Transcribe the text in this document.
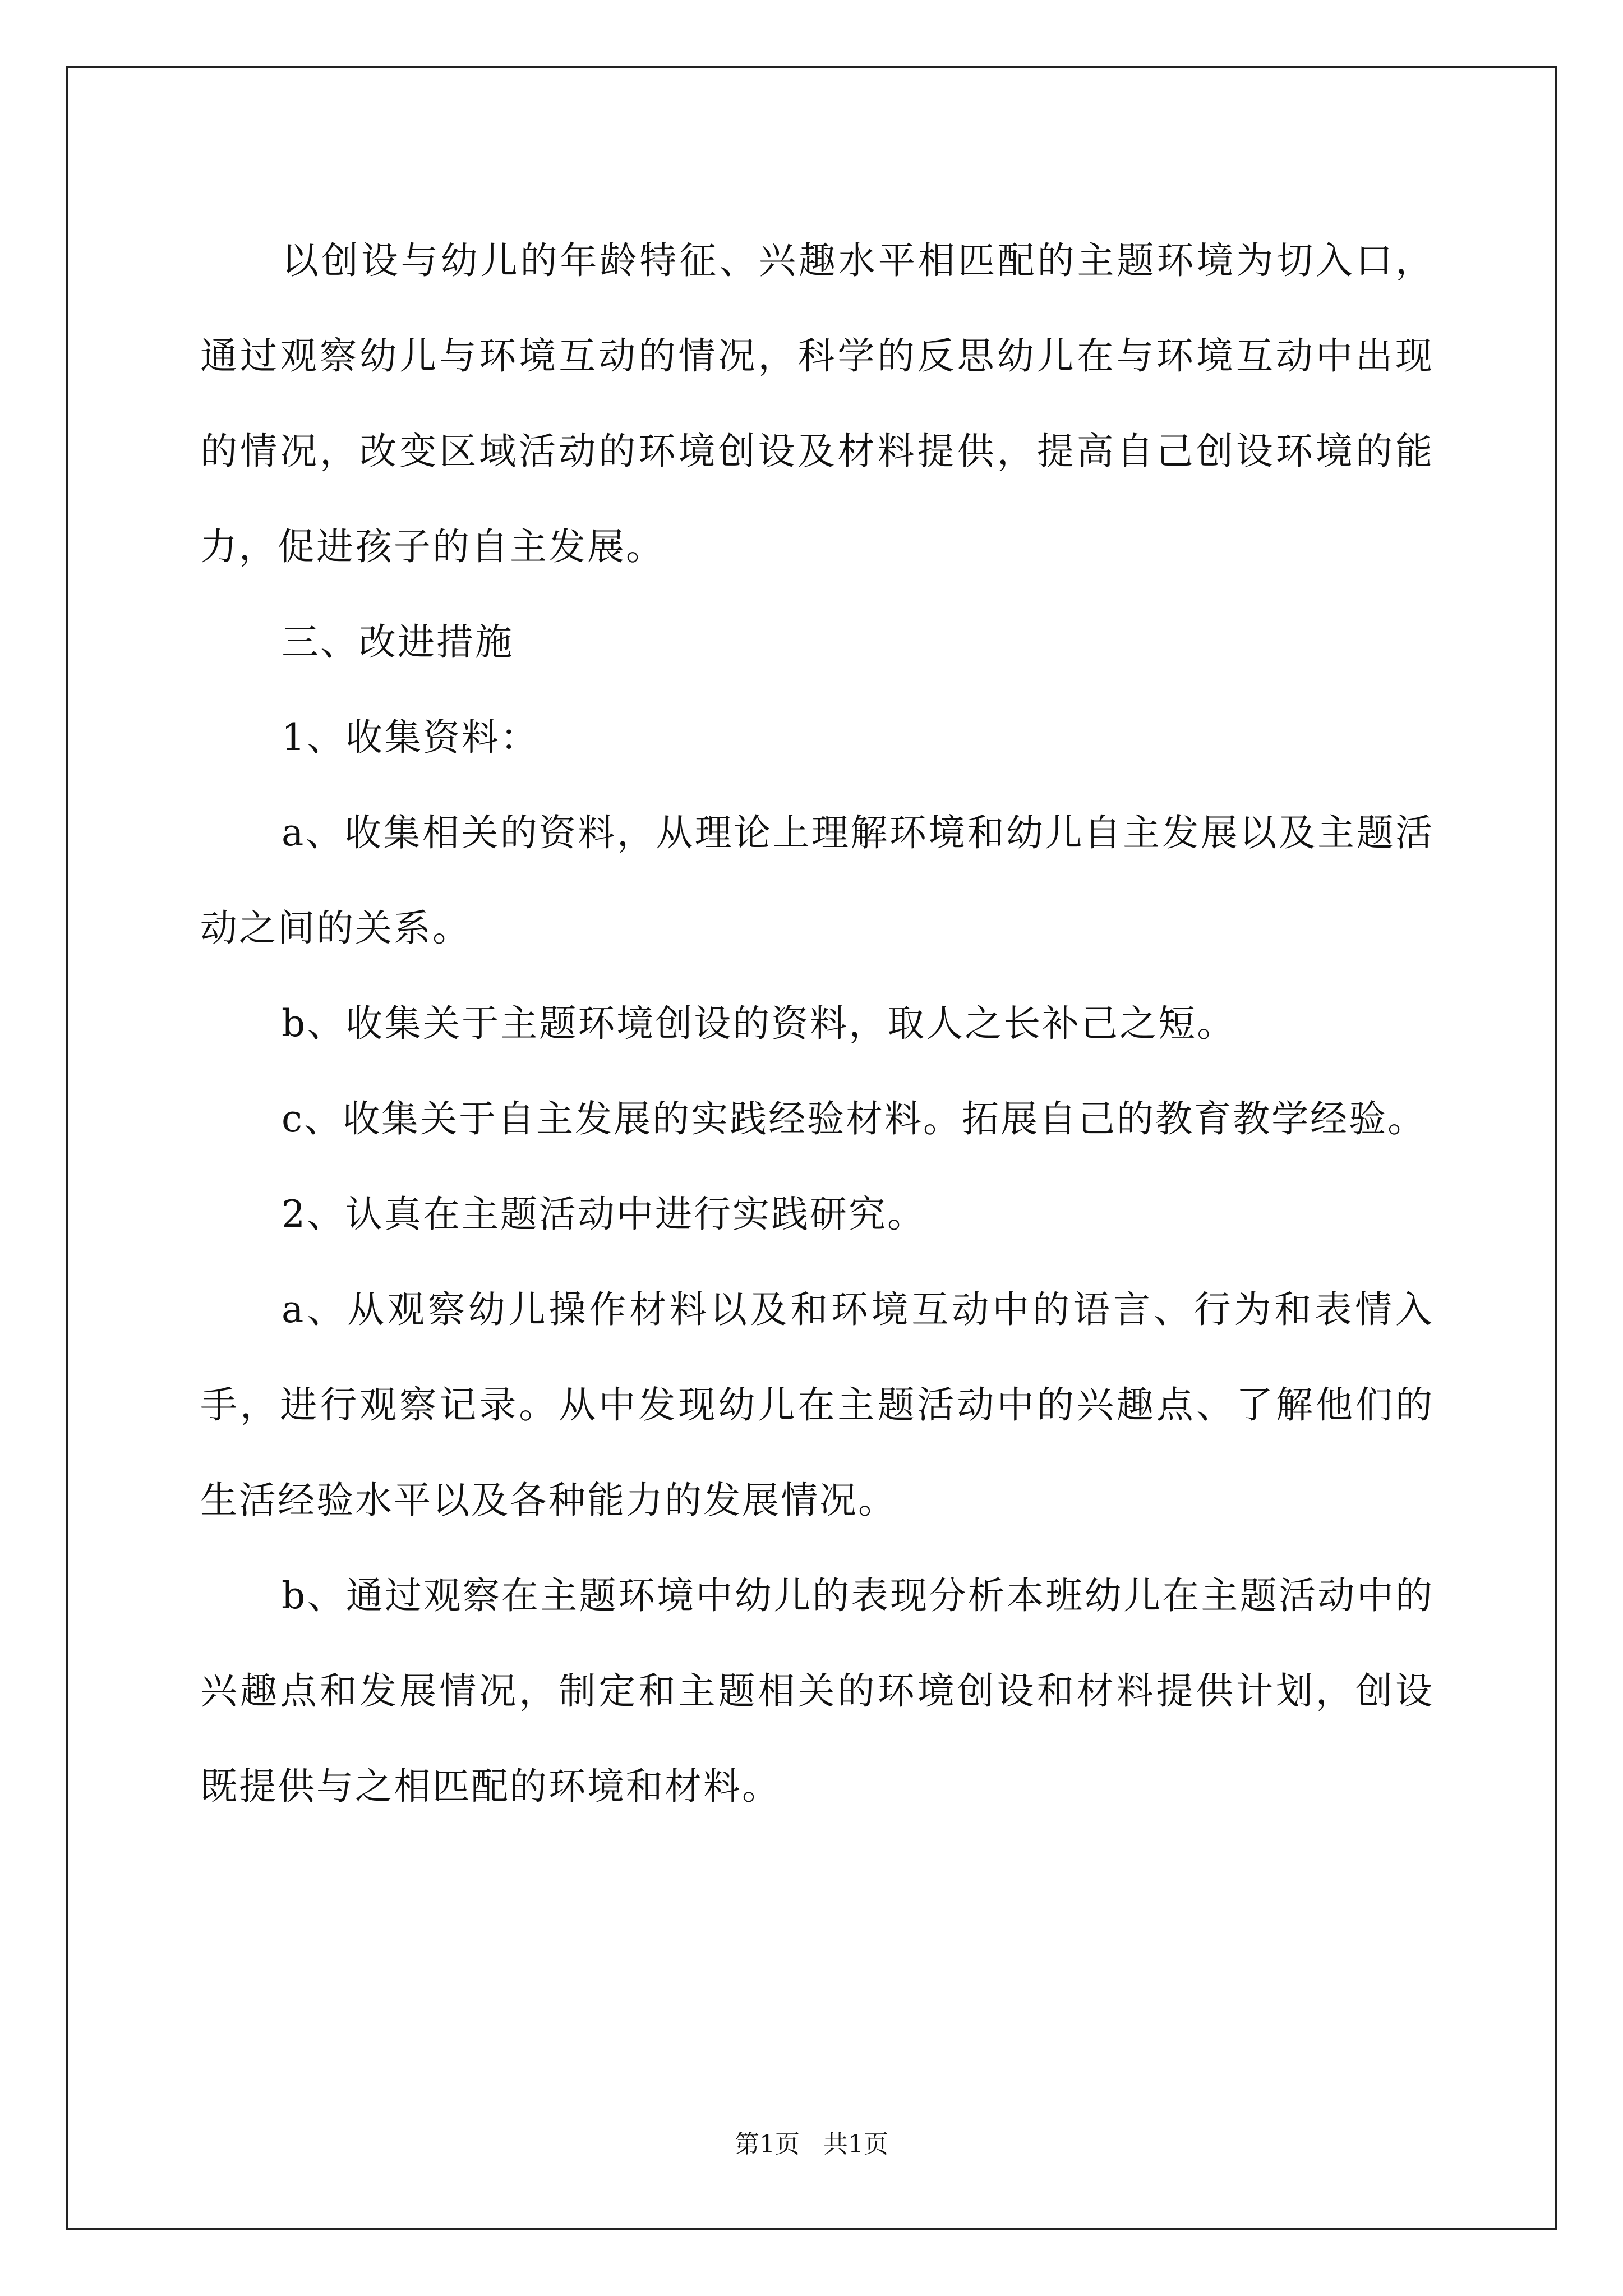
以创设与幼儿的年龄特征、兴趣水平相匹配的主题环境为切入口，通过观察幼儿与环境互动的情况，科学的反思幼儿在与环境互动中出现的情况，改变区域活动的环境创设及材料提供，提高自己创设环境的能力，促进孩子的自主发展。

三、改进措施

1、收集资料：

a、收集相关的资料，从理论上理解环境和幼儿自主发展以及主题活动之间的关系。

b、收集关于主题环境创设的资料，取人之长补己之短。

c、收集关于自主发展的实践经验材料。拓展自己的教育教学经验。

2、认真在主题活动中进行实践研究。

a、从观察幼儿操作材料以及和环境互动中的语言、行为和表情入手，进行观察记录。从中发现幼儿在主题活动中的兴趣点、了解他们的生活经验水平以及各种能力的发展情况。

b、通过观察在主题环境中幼儿的表现分析本班幼儿在主题活动中的兴趣点和发展情况，制定和主题相关的环境创设和材料提供计划，创设既提供与之相匹配的环境和材料。

第1页 共1页
